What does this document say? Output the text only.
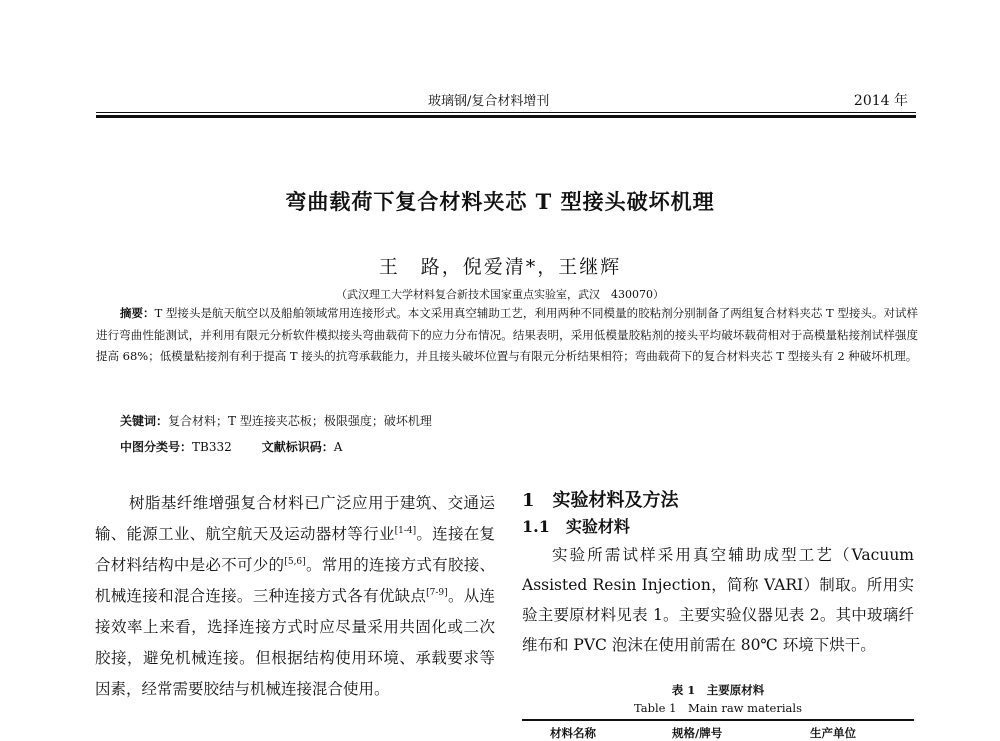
玻璃钢/复合材料增刊	2014 年
弯曲载荷下复合材料夹芯 T 型接头破坏机理
王　路，倪爱清*，王继辉
（武汉理工大学材料复合新技术国家重点实验室，武汉　430070）
摘要：T 型接头是航天航空以及船舶领域常用连接形式。本文采用真空辅助工艺，利用两种不同模量的胶粘剂分别制备了两组复合材料夹芯 T 型接头。对试样进行弯曲性能测试，并利用有限元分析软件模拟接头弯曲载荷下的应力分布情况。结果表明，采用低模量胶粘剂的接头平均破坏载荷相对于高模量粘接剂试样强度提高 68%；低模量粘接剂有利于提高 T 接头的抗弯承载能力，并且接头破坏位置与有限元分析结果相符；弯曲载荷下的复合材料夹芯 T 型接头有 2 种破坏机理。
关键词：复合材料；T 型连接夹芯板；极限强度；破坏机理
中图分类号：TB332	文献标识码：A
树脂基纤维增强复合材料已广泛应用于建筑、交通运输、能源工业、航空航天及运动器材等行业[1-4]。连接在复合材料结构中是必不可少的[5,6]。常用的连接方式有胶接、机械连接和混合连接。三种连接方式各有优缺点[7-9]。从连接效率上来看，选择连接方式时应尽量采用共固化或二次胶接，避免机械连接。但根据结构使用环境、承载要求等因素，经常需要胶结与机械连接混合使用。
1　实验材料及方法
1.1　实验材料
实验所需试样采用真空辅助成型工艺（Vacuum Assisted Resin Injection，简称 VARI）制取。所用实验主要原材料见表 1。主要实验仪器见表 2。其中玻璃纤维布和 PVC 泡沫在使用前需在 80℃ 环境下烘干。
表 1　主要原材料
Table 1　Main raw materials
材料名称	规格/牌号	生产单位
